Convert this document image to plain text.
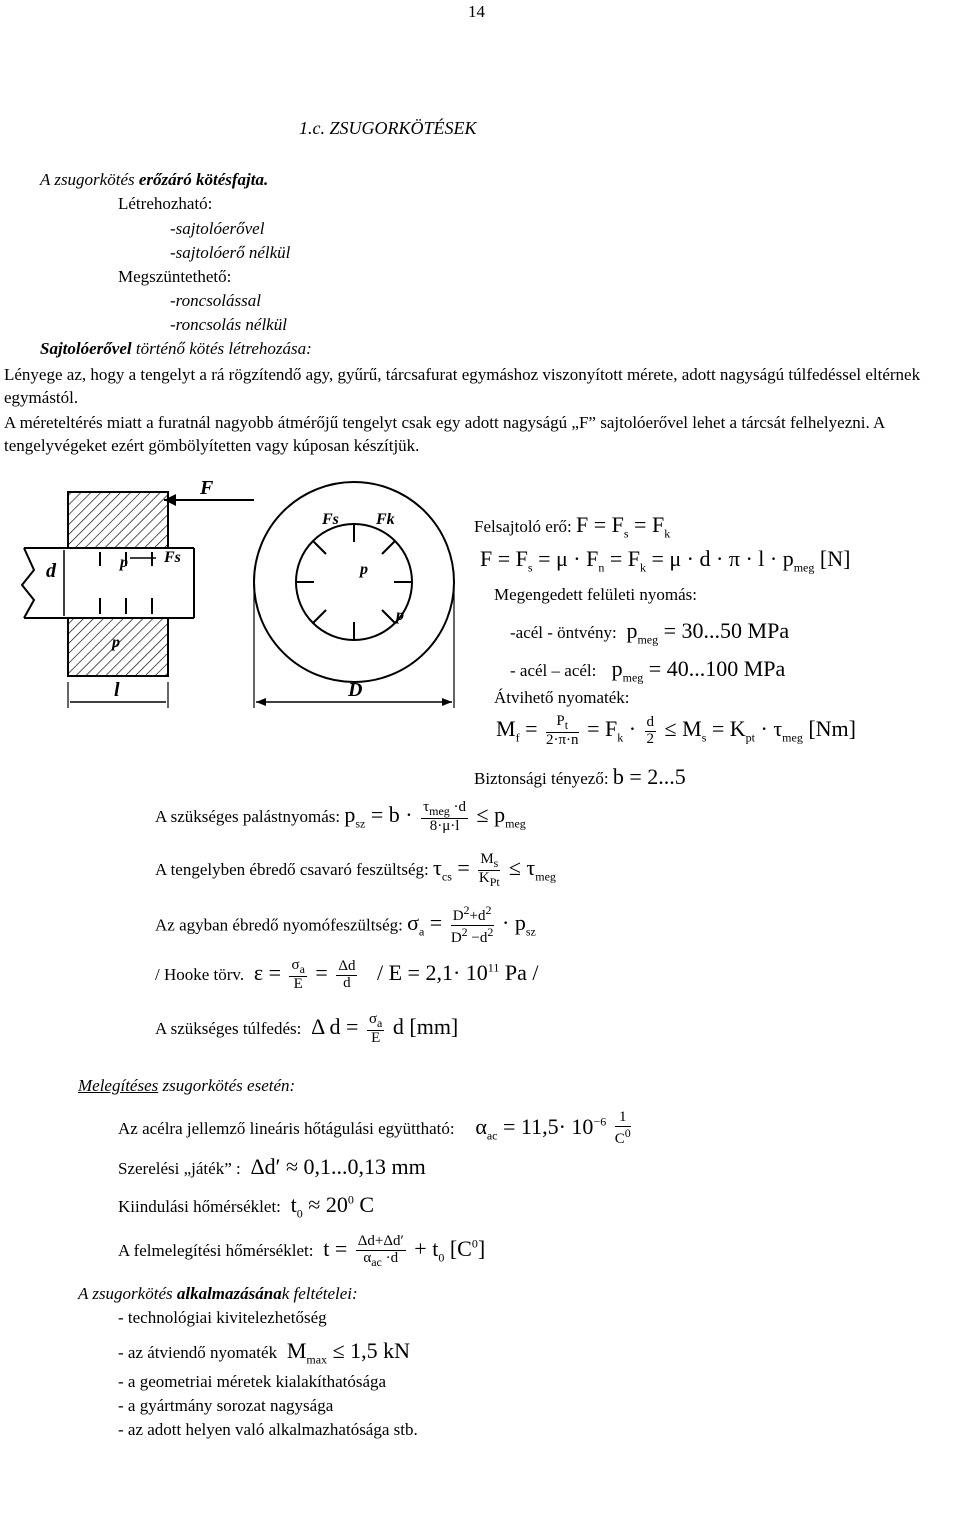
14
1.c. ZSUGORKÖTÉSEK
A zsugorkötés erőzáró kötésfajta.
Létrehozható:
-sajtolóerővel
-sajtolóerő nélkül
Megszüntethető:
-roncsolással
-roncsolás nélkül
Sajtolóerővel történő kötés létrehozása:
Lényege az, hogy a tengelyt a rá rögzítendő agy, gyűrű, tárcsafurat egymáshoz viszonyított mérete, adott nagyságú túlfedéssel eltérnek egymástól.
A méreteltérés miatt a furatnál nagyobb átmérőjű tengelyt csak egy adott nagyságú „F” sajtolóerővel lehet a tárcsát felhelyezni. A tengelyvégeket ezért gömbölyítetten vagy kúposan készítjük.
d	p
p
Fs
F
l
p
p
Fs Fk
D
Felsajtoló erő: $F = F_s = F_k$
$F = F_s = \mu \cdot F_n = F_k = \mu \cdot d \cdot \pi \cdot l \cdot p_{meg}$ [N]
Megengedett felületi nyomás:
-acél - öntvény:  $p_{meg} = 30...50$ MPa
- acél – acél:   $p_{meg} = 40...100$ MPa
Átvihető nyomaték:
$M_f = \frac{P_t}{2\cdot\pi\cdot n} = F_k \cdot \frac{d}{2} \le M_s = K_{pt} \cdot \tau_{meg}$ [Nm]
Biztonsági tényező: b = 2...5
A szükséges palástnyomás: $p_{sz} = b \cdot \frac{\tau_{meg} \cdot d}{8\cdot\mu\cdot l} \le p_{meg}$
A tengelyben ébredő csavaró feszültség: $\tau_{cs} = \frac{M_s}{K_{Pt}} \le \tau_{meg}$
Az agyban ébredő nyomófeszültség: $\sigma_a = \frac{D^2+d^2}{D^2 -d^2} \cdot p_{sz}$
/ Hooke törv.  $\varepsilon = \frac{\sigma_a}{E} = \frac{\Delta d}{d} / E = 2,1\cdot 10^{11}$ Pa /
A szükséges túlfedés:  Δ $d = \frac{\sigma_a}{E}$ d [mm]
Melegítéses zsugorkötés esetén:
Az acélra jellemző lineáris hőtágulási együttható:    $\alpha_{ac} = 11,5\cdot 10^{-6} \frac{1}{C^0}$
Szerelési „játék” :  Δd′ ≈ 0,1...0,13 mm
Kiindulási hőmérséklet:  $t_0 \approx 20^0$ C
A felmelegítési hőmérséklet:  $t = \frac{\Delta d+\Delta d'}{\alpha_{ac} \cdot d} + t_0$ $[C^0]$
A zsugorkötés alkalmazásának feltételei:
- technológiai kivitelezhetőség
- az átviendő nyomaték  $M_{max} \le 1,5$ kN
- a geometriai méretek kialakíthatósága
- a gyártmány sorozat nagysága
- az adott helyen való alkalmazhatósága stb.
